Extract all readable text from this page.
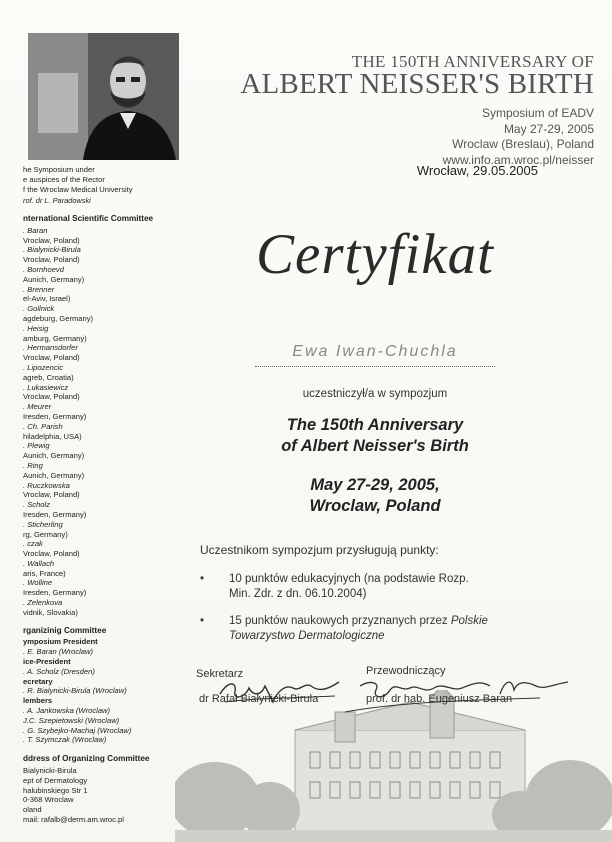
THE 150TH ANNIVERSARY OF
ALBERT NEISSER'S BIRTH
Symposium of EADV
May 27-29, 2005
Wroclaw (Breslau), Poland
www.info.am.wroc.pl/neisser
Wrocław, 29.05.2005
he Symposium under
e auspices of the Rector
f the Wroclaw Medical University
rof. dr L. Paradowski
nternational Scientific Committee
. Baran
Vroclaw, Poland)
. Bialynicki-Birula
Vroclaw, Poland)
. Bornhoevd
Aunich, Germany)
. Brenner
el-Aviv, Israel)
. Gollnick
agdeburg, Germany)
. Heisig
amburg, Germany)
. Hermansdorfer
Vroclaw, Poland)
. Lipozencic
agreb, Croatia)
. Lukasiewicz
Vroclaw, Poland)
. Meurer
Iresden, Germany)
. Ch. Parish
hiladelphia, USA)
. Plewig
Aunich, Germany)
. Ring
Aunich, Germany)
. Ruczkowska
Vroclaw, Poland)
. Scholz
Iresden, Germany)
. Sticherling
rg, Germany)
. czak
Vroclaw, Poland)
. Wallach
aris, France)
. Wolline
Iresden, Germany)
. Zelenkova
vidnik, Slovakia)
rganizinig Committee
ymposium President
. E. Baran (Wroclaw)
ice-President
. A. Scholz (Dresden)
ecretary
. R. Bialynicki-Birula (Wroclaw)
lembers
. A. Jankowska (Wroclaw)
J.C. Szepietowski (Wroclaw)
. G. Szybejko-Machaj (Wroclaw)
. T. Szymczak (Wroclaw)
ddress of Organizing Committee
Bialynicki-Birula
ept of Dermatology
halubinskiego Str 1
0-368 Wroclaw
oland
mail: rafalb@derm.am.wroc.pl
Certyfikat
Ewa Iwan-Chuchla
uczestniczył/a w sympozjum
The 150th Anniversary
of Albert Neisser's Birth
May 27-29, 2005,
Wroclaw, Poland
Uczestnikom sympozjum przysługują punkty:
• 10 punktów edukacyjnych (na podstawie Rozp.
Min. Zdr. z dn. 06.10.2004)
• 15 punktów naukowych przyznanych przez Polskie
Towarzystwo Dermatologiczne
Sekretarz
dr Rafał Białynicki-Birula
Przewodniczący
prof. dr hab. Eugeniusz Baran
